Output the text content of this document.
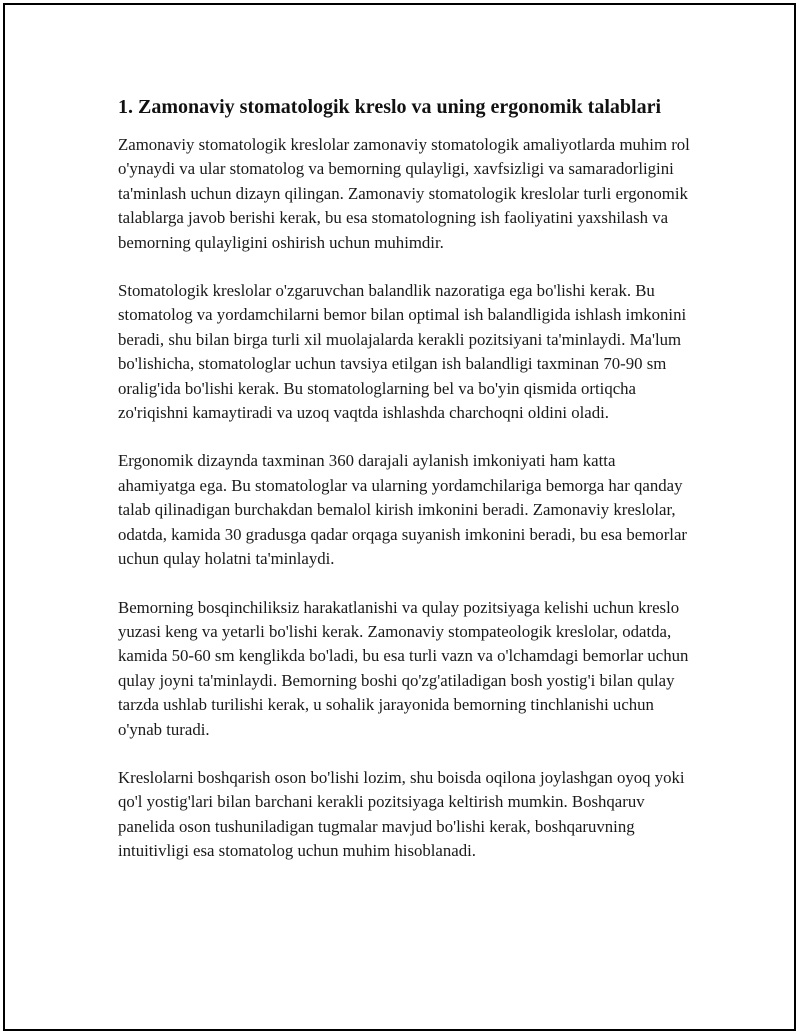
1. Zamonaviy stomatologik kreslo va uning ergonomik talablari

Zamonaviy stomatologik kreslolar zamonaviy stomatologik amaliyotlarda muhim rol o'ynaydi va ular stomatolog va bemorning qulayligi, xavfsizligi va samaradorligini ta'minlash uchun dizayn qilingan. Zamonaviy stomatologik kreslolar turli ergonomik talablarga javob berishi kerak, bu esa stomatologning ish faoliyatini yaxshilash va bemorning qulayligini oshirish uchun muhimdir.

Stomatologik kreslolar o'zgaruvchan balandlik nazoratiga ega bo'lishi kerak. Bu stomatolog va yordamchilarni bemor bilan optimal ish balandligida ishlash imkonini beradi, shu bilan birga turli xil muolajalarda kerakli pozitsiyani ta'minlaydi. Ma'lum bo'lishicha, stomatologlar uchun tavsiya etilgan ish balandligi taxminan 70-90 sm oralig'ida bo'lishi kerak. Bu stomatologlarning bel va bo'yin qismida ortiqcha zo'riqishni kamaytiradi va uzoq vaqtda ishlashda charchoqni oldini oladi.

Ergonomik dizaynda taxminan 360 darajali aylanish imkoniyati ham katta ahamiyatga ega. Bu stomatologlar va ularning yordamchilariga bemorga har qanday talab qilinadigan burchakdan bemalol kirish imkonini beradi. Zamonaviy kreslolar, odatda, kamida 30 gradusga qadar orqaga suyanish imkonini beradi, bu esa bemorlar uchun qulay holatni ta'minlaydi.

Bemorning bosqinchiliksiz harakatlanishi va qulay pozitsiyaga kelishi uchun kreslo yuzasi keng va yetarli bo'lishi kerak. Zamonaviy stompateologik kreslolar, odatda, kamida 50-60 sm kenglikda bo'ladi, bu esa turli vazn va o'lchamdagi bemorlar uchun qulay joyni ta'minlaydi. Bemorning boshi qo'zg'atiladigan bosh yostig'i bilan qulay tarzda ushlab turilishi kerak, u sohalik jarayonida bemorning tinchlanishi uchun o'ynab turadi.

Kreslolarni boshqarish oson bo'lishi lozim, shu boisda oqilona joylashgan oyoq yoki qo'l yostig'lari bilan barchani kerakli pozitsiyaga keltirish mumkin. Boshqaruv panelida oson tushuniladigan tugmalar mavjud bo'lishi kerak, boshqaruvning intuitivligi esa stomatolog uchun muhim hisoblanadi.
